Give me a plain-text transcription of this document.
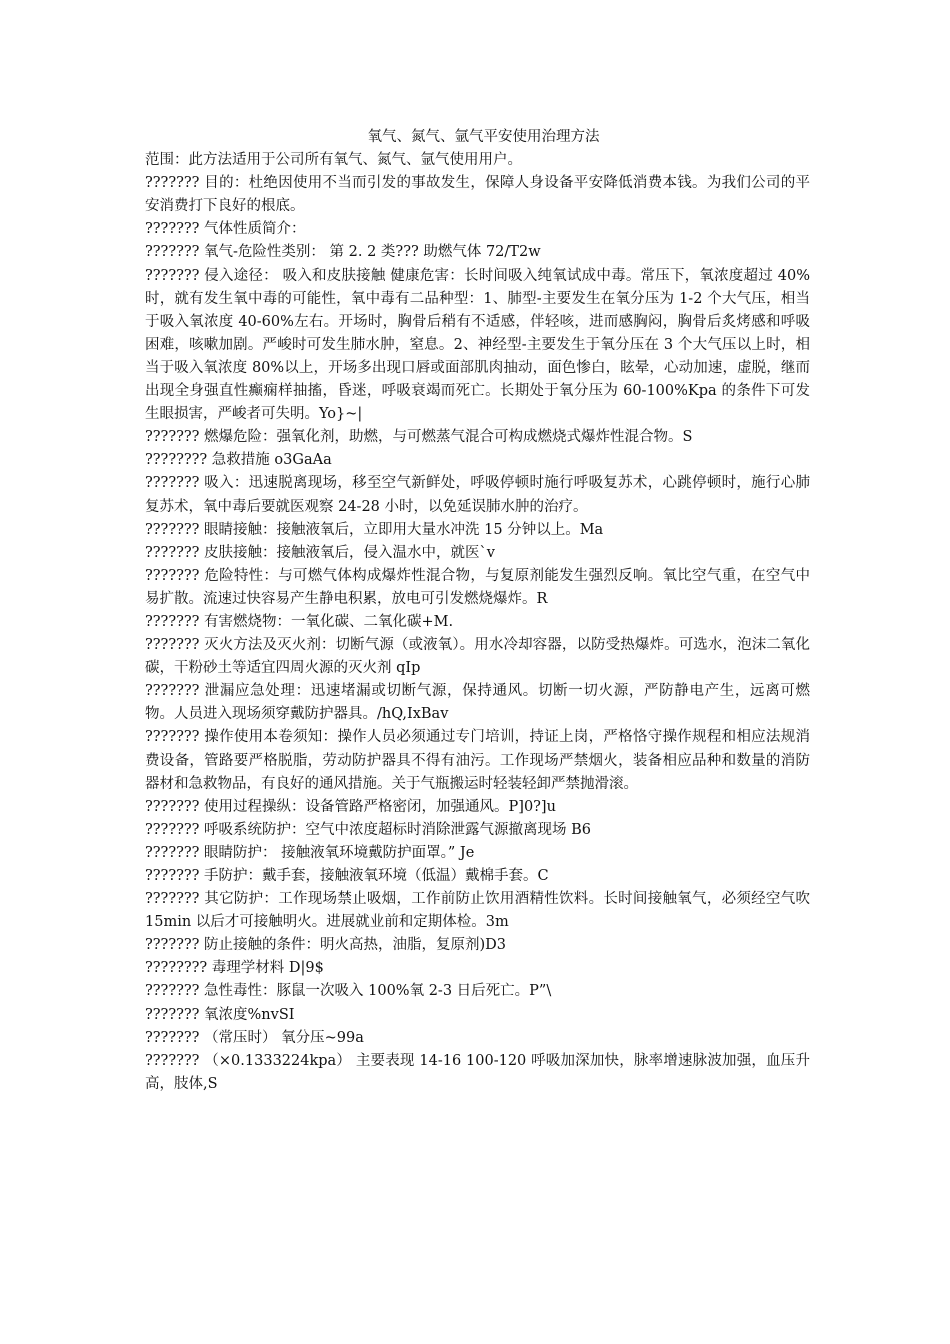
氧气、氮气、氩气平安使用治理方法
范围：此方法适用于公司所有氧气、氮气、氩气使用用户。
??????? 目的：杜绝因使用不当而引发的事故发生，保障人身设备平安降低消费本钱。为我们公司的平安消费打下良好的根底。
??????? 气体性质简介：
??????? 氧气-危险性类别： 第 2. 2 类??? 助燃气体 72/T2w
??????? 侵入途径： 吸入和皮肤接触 健康危害：长时间吸入纯氧试成中毒。常压下，氧浓度超过 40%时，就有发生氧中毒的可能性，氧中毒有二品种型：1、肺型-主要发生在氧分压为 1-2 个大气压，相当于吸入氧浓度 40-60%左右。开场时，胸骨后稍有不适感，伴轻咳，进而感胸闷，胸骨后炙烤感和呼吸困难，咳嗽加剧。严峻时可发生肺水肿，窒息。2、神经型-主要发生于氧分压在 3 个大气压以上时，相当于吸入氧浓度 80%以上，开场多出现口唇或面部肌肉抽动，面色惨白，眩晕，心动加速，虚脱，继而出现全身强直性癫痫样抽搐，昏迷，呼吸衰竭而死亡。长期处于氧分压为 60-100%Kpa 的条件下可发生眼损害，严峻者可失明。Yo}~|
??????? 燃爆危险：强氧化剂，助燃，与可燃蒸气混合可构成燃烧式爆炸性混合物。S
???????? 急救措施 o3GaAa
??????? 吸入：迅速脱离现场，移至空气新鲜处，呼吸停顿时施行呼吸复苏术，心跳停顿时，施行心肺复苏术，氧中毒后要就医观察 24-28 小时，以免延误肺水肿的治疗。
??????? 眼睛接触：接触液氧后，立即用大量水冲洗 15 分钟以上。Ma
??????? 皮肤接触：接触液氧后，侵入温水中，就医`v
??????? 危险特性：与可燃气体构成爆炸性混合物，与复原剂能发生强烈反响。氧比空气重，在空气中易扩散。流速过快容易产生静电积累，放电可引发燃烧爆炸。R
??????? 有害燃烧物：一氧化碳、二氧化碳+M.
??????? 灭火方法及灭火剂：切断气源（或液氧）。用水冷却容器，以防受热爆炸。可选水，泡沫二氧化碳，干粉砂土等适宜四周火源的灭火剂 qIp
??????? 泄漏应急处理：迅速堵漏或切断气源，保持通风。切断一切火源，严防静电产生，远离可燃物。人员进入现场须穿戴防护器具。/hQ,IxBav
??????? 操作使用本卷须知：操作人员必须通过专门培训，持证上岗，严格恪守操作规程和相应法规消费设备，管路要严格脱脂，劳动防护器具不得有油污。工作现场严禁烟火，装备相应品种和数量的消防器材和急救物品，有良好的通风措施。关于气瓶搬运时轻装轻卸严禁抛滑滚。
??????? 使用过程操纵：设备管路严格密闭，加强通风。P]0?]u
??????? 呼吸系统防护：空气中浓度超标时消除泄露气源撤离现场 B6
??????? 眼睛防护： 接触液氧环境戴防护面罩。” Je
??????? 手防护：戴手套，接触液氧环境（低温）戴棉手套。C
??????? 其它防护：工作现场禁止吸烟，工作前防止饮用酒精性饮料。长时间接触氧气，必须经空气吹 15min 以后才可接触明火。进展就业前和定期体检。3m
??????? 防止接触的条件：明火高热，油脂，复原剂)D3
???????? 毒理学材料 D|9$
??????? 急性毒性：豚鼠一次吸入 100%氧 2-3 日后死亡。P”\
??????? 氧浓度%nvSI
??????? （常压时） 氧分压~99a
??????? （×0.1333224kpa） 主要表现 14-16 100-120 呼吸加深加快，脉率增速脉波加强，血压升高，肢体,S
